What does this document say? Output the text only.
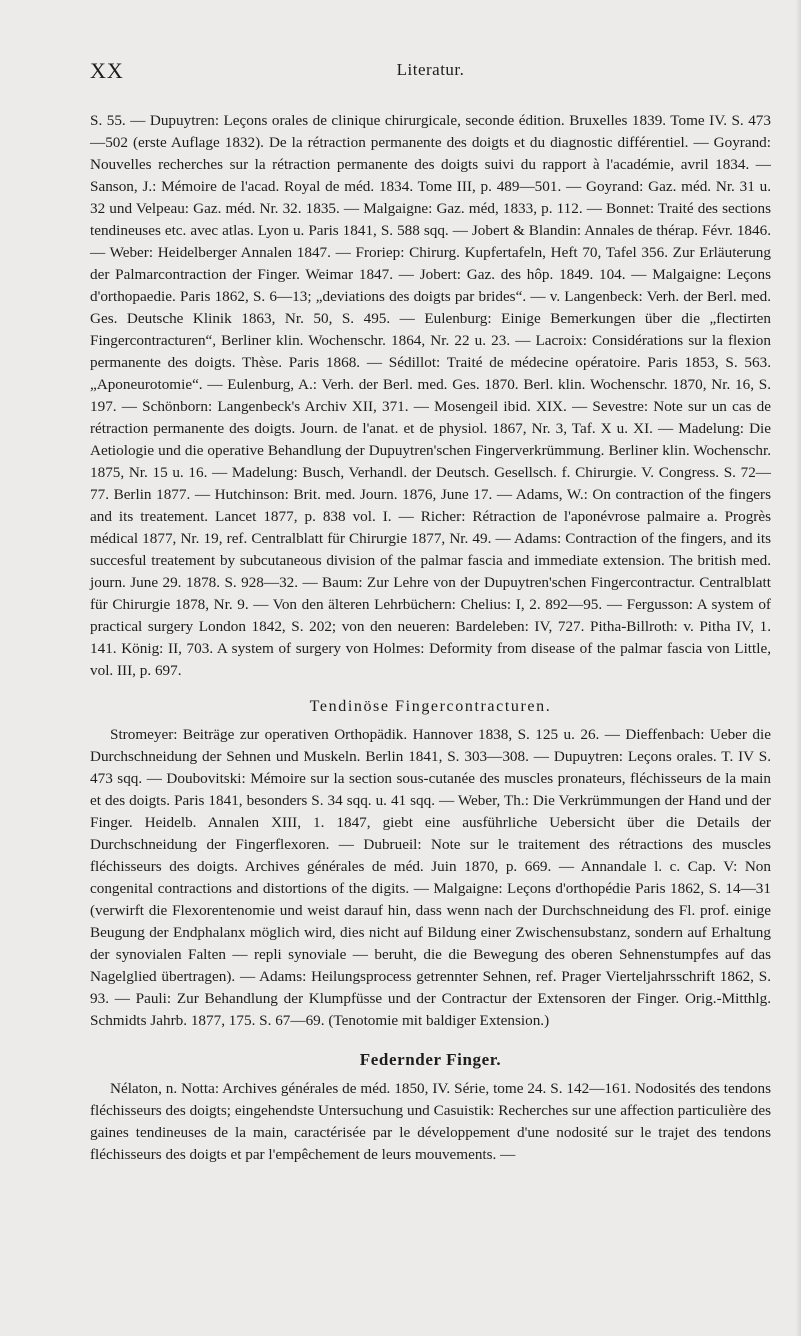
XX	Literatur.

S. 55. — Dupuytren: Leçons orales de clinique chirurgicale, seconde édition. Bruxelles 1839. Tome IV. S. 473—502 (erste Auflage 1832). De la rétraction permanente des doigts et du diagnostic différentiel. — Goyrand: Nouvelles recherches sur la rétraction permanente des doigts suivi du rapport à l'académie, avril 1834. — Sanson, J.: Mémoire de l'acad. Royal de méd. 1834. Tome III, p. 489—501. — Goyrand: Gaz. méd. Nr. 31 u. 32 und Velpeau: Gaz. méd. Nr. 32. 1835. — Malgaigne: Gaz. méd, 1833, p. 112. — Bonnet: Traité des sections tendineuses etc. avec atlas. Lyon u. Paris 1841, S. 588 sqq. — Jobert & Blandin: Annales de thérap. Févr. 1846. — Weber: Heidelberger Annalen 1847. — Froriep: Chirurg. Kupfertafeln, Heft 70, Tafel 356. Zur Erläuterung der Palmarcontraction der Finger. Weimar 1847. — Jobert: Gaz. des hôp. 1849. 104. — Malgaigne: Leçons d'orthopaedie. Paris 1862, S. 6—13; „deviations des doigts par brides“. — v. Langenbeck: Verh. der Berl. med. Ges. Deutsche Klinik 1863, Nr. 50, S. 495. — Eulenburg: Einige Bemerkungen über die „flectirten Fingercontracturen“, Berliner klin. Wochenschr. 1864, Nr. 22 u. 23. — Lacroix: Considérations sur la flexion permanente des doigts. Thèse. Paris 1868. — Sédillot: Traité de médecine opératoire. Paris 1853, S. 563. „Aponeurotomie“. — Eulenburg, A.: Verh. der Berl. med. Ges. 1870. Berl. klin. Wochenschr. 1870, Nr. 16, S. 197. — Schönborn: Langenbeck's Archiv XII, 371. — Mosengeil ibid. XIX. — Sevestre: Note sur un cas de rétraction permanente des doigts. Journ. de l'anat. et de physiol. 1867, Nr. 3, Taf. X u. XI. — Madelung: Die Aetiologie und die operative Behandlung der Dupuytren'schen Fingerverkrümmung. Berliner klin. Wochenschr. 1875, Nr. 15 u. 16. — Madelung: Busch, Verhandl. der Deutsch. Gesellsch. f. Chirurgie. V. Congress. S. 72—77. Berlin 1877. — Hutchinson: Brit. med. Journ. 1876, June 17. — Adams, W.: On contraction of the fingers and its treatement. Lancet 1877, p. 838 vol. I. — Richer: Rétraction de l'aponévrose palmaire a. Progrès médical 1877, Nr. 19, ref. Centralblatt für Chirurgie 1877, Nr. 49. — Adams: Contraction of the fingers, and its succesful treatement by subcutaneous division of the palmar fascia and immediate extension. The british med. journ. June 29. 1878. S. 928—32. — Baum: Zur Lehre von der Dupuytren'schen Fingercontractur. Centralblatt für Chirurgie 1878, Nr. 9. — Von den älteren Lehrbüchern: Chelius: I, 2. 892—95. — Fergusson: A system of practical surgery London 1842, S. 202; von den neueren: Bardeleben: IV, 727. Pitha-Billroth: v. Pitha IV, 1. 141. König: II, 703. A system of surgery von Holmes: Deformity from disease of the palmar fascia von Little, vol. III, p. 697.

Tendinöse Fingercontracturen.

Stromeyer: Beiträge zur operativen Orthopädik. Hannover 1838, S. 125 u. 26. — Dieffenbach: Ueber die Durchschneidung der Sehnen und Muskeln. Berlin 1841, S. 303—308. — Dupuytren: Leçons orales. T. IV S. 473 sqq. — Doubovitski: Mémoire sur la section sous-cutanée des muscles pronateurs, fléchisseurs de la main et des doigts. Paris 1841, besonders S. 34 sqq. u. 41 sqq. — Weber, Th.: Die Verkrümmungen der Hand und der Finger. Heidelb. Annalen XIII, 1. 1847, giebt eine ausführliche Uebersicht über die Details der Durchschneidung der Fingerflexoren. — Dubrueil: Note sur le traitement des rétractions des muscles fléchisseurs des doigts. Archives générales de méd. Juin 1870, p. 669. — Annandale l. c. Cap. V: Non congenital contractions and distortions of the digits. — Malgaigne: Leçons d'orthopédie Paris 1862, S. 14—31 (verwirft die Flexorentenomie und weist darauf hin, dass wenn nach der Durchschneidung des Fl. prof. einige Beugung der Endphalanx möglich wird, dies nicht auf Bildung einer Zwischensubstanz, sondern auf Erhaltung der synovialen Falten — repli synoviale — beruht, die die Bewegung des oberen Sehnenstumpfes auf das Nagelglied übertragen). — Adams: Heilungsprocess getrennter Sehnen, ref. Prager Vierteljahrsschrift 1862, S. 93. — Pauli: Zur Behandlung der Klumpfüsse und der Contractur der Extensoren der Finger. Orig.-Mitthlg. Schmidts Jahrb. 1877, 175. S. 67—69. (Tenotomie mit baldiger Extension.)

Federnder Finger.

Nélaton, n. Notta: Archives générales de méd. 1850, IV. Série, tome 24. S. 142—161. Nodosités des tendons fléchisseurs des doigts; eingehendste Untersuchung und Casuistik: Recherches sur une affection particulière des gaines tendineuses de la main, caractérisée par le développement d'une nodosité sur le trajet des tendons fléchisseurs des doigts et par l'empêchement de leurs mouvements. —
